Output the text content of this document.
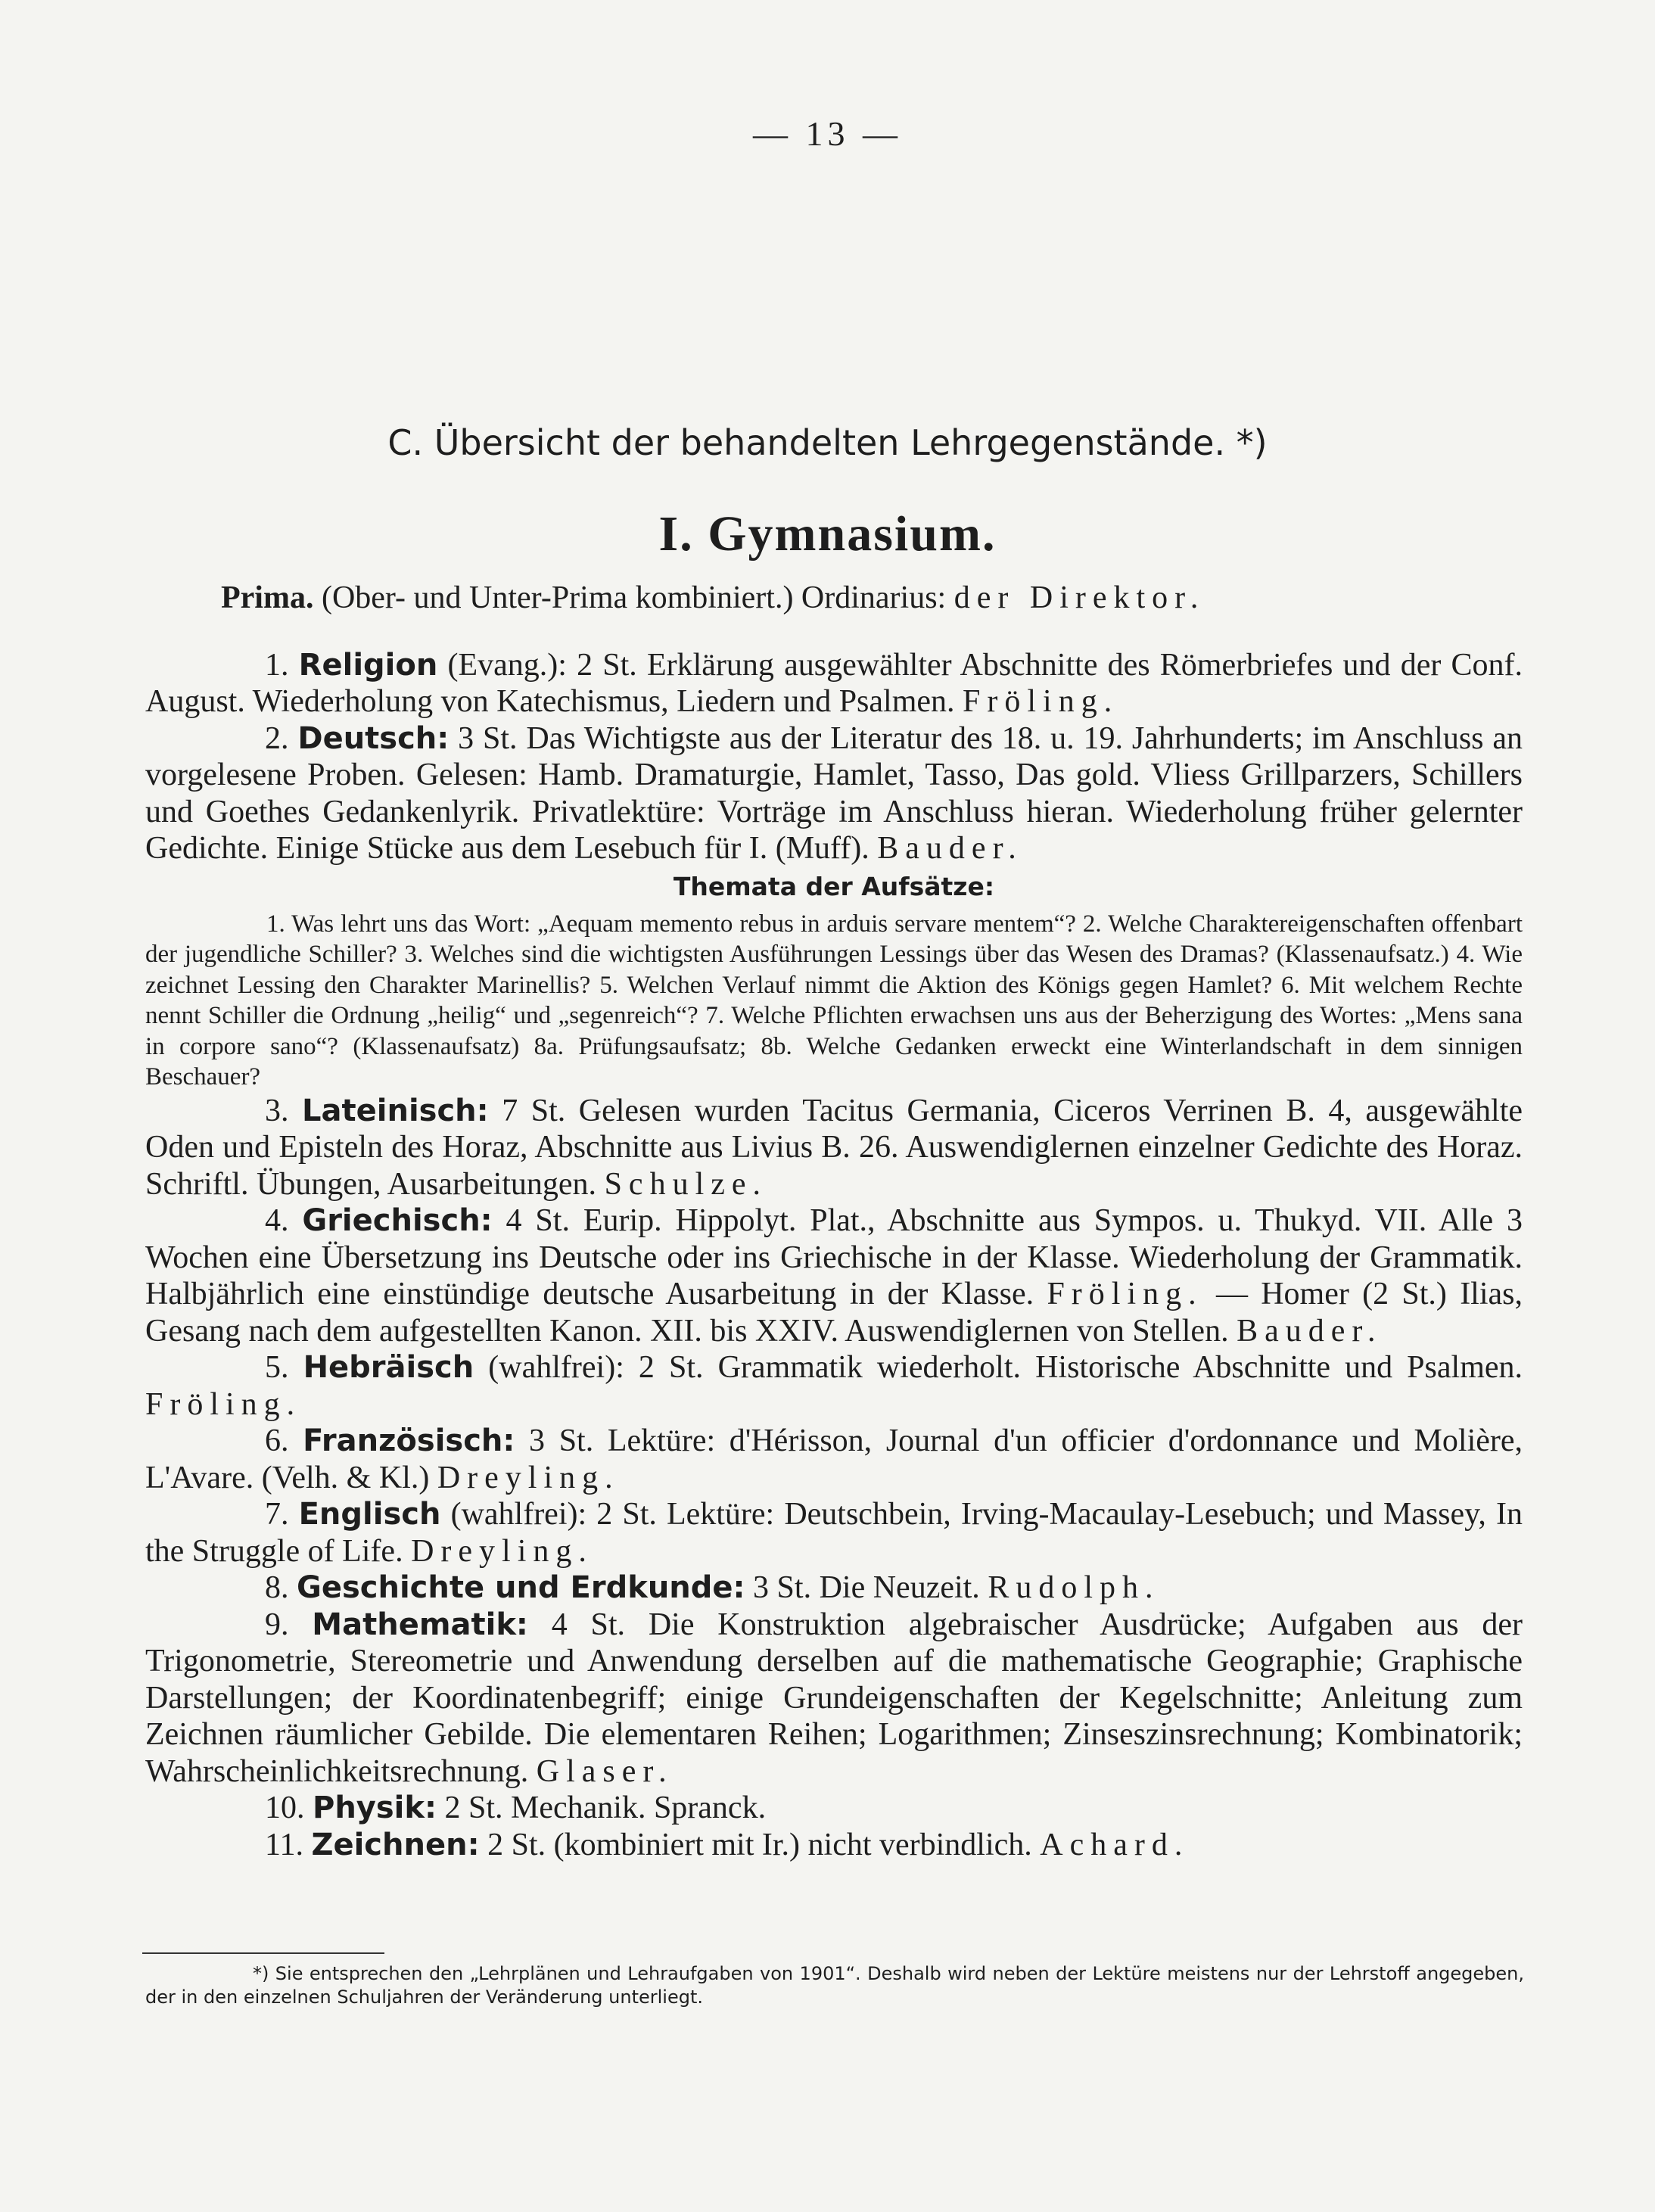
— 13 —
C. Übersicht der behandelten Lehrgegenstände. *)
I. Gymnasium.

Prima. (Ober- und Unter-Prima kombiniert.) Ordinarius: der Direktor.

1. Religion (Evang.): 2 St. Erklärung ausgewählter Abschnitte des Römerbriefes und der Conf. August. Wiederholung von Katechismus, Liedern und Psalmen. Fröling.

2. Deutsch: 3 St. Das Wichtigste aus der Literatur des 18. u. 19. Jahrhunderts; im Anschluss an vorgelesene Proben. Gelesen: Hamb. Dramaturgie, Hamlet, Tasso, Das gold. Vliess Grillparzers, Schillers und Goethes Gedankenlyrik. Privatlektüre: Vorträge im Anschluss hieran. Wiederholung früher gelernter Gedichte. Einige Stücke aus dem Lesebuch für I. (Muff). Bauder.

Themata der Aufsätze:

1. Was lehrt uns das Wort: „Aequam memento rebus in arduis servare mentem“? 2. Welche Charaktereigenschaften offenbart der jugendliche Schiller? 3. Welches sind die wichtigsten Ausführungen Lessings über das Wesen des Dramas? (Klassenaufsatz.) 4. Wie zeichnet Lessing den Charakter Marinellis? 5. Welchen Verlauf nimmt die Aktion des Königs gegen Hamlet? 6. Mit welchem Rechte nennt Schiller die Ordnung „heilig“ und „segenreich“? 7. Welche Pflichten erwachsen uns aus der Beherzigung des Wortes: „Mens sana in corpore sano“? (Klassenaufsatz) 8a. Prüfungsaufsatz; 8b. Welche Gedanken erweckt eine Winterlandschaft in dem sinnigen Beschauer?

3. Lateinisch: 7 St. Gelesen wurden Tacitus Germania, Ciceros Verrinen B. 4, ausgewählte Oden und Episteln des Horaz, Abschnitte aus Livius B. 26. Auswendiglernen einzelner Gedichte des Horaz. Schriftl. Übungen, Ausarbeitungen. Schulze.

4. Griechisch: 4 St. Eurip. Hippolyt. Plat., Abschnitte aus Sympos. u. Thukyd. VII. Alle 3 Wochen eine Übersetzung ins Deutsche oder ins Griechische in der Klasse. Wiederholung der Grammatik. Halbjährlich eine einstündige deutsche Ausarbeitung in der Klasse. Fröling. — Homer (2 St.) Ilias, Gesang nach dem aufgestellten Kanon. XII. bis XXIV. Auswendiglernen von Stellen. Bauder.

5. Hebräisch (wahlfrei): 2 St. Grammatik wiederholt. Historische Abschnitte und Psalmen. Fröling.

6. Französisch: 3 St. Lektüre: d'Hérisson, Journal d'un officier d'ordonnance und Molière, L'Avare. (Velh. & Kl.) Dreyling.

7. Englisch (wahlfrei): 2 St. Lektüre: Deutschbein, Irving-Macaulay-Lesebuch; und Massey, In the Struggle of Life. Dreyling.

8. Geschichte und Erdkunde: 3 St. Die Neuzeit. Rudolph.

9. Mathematik: 4 St. Die Konstruktion algebraischer Ausdrücke; Aufgaben aus der Trigonometrie, Stereometrie und Anwendung derselben auf die mathematische Geographie; Graphische Darstellungen; der Koordinatenbegriff; einige Grundeigenschaften der Kegelschnitte; Anleitung zum Zeichnen räumlicher Gebilde. Die elementaren Reihen; Logarithmen; Zinseszinsrechnung; Kombinatorik; Wahrscheinlichkeitsrechnung. Glaser.

10. Physik: 2 St. Mechanik. Spranck.

11. Zeichnen: 2 St. (kombiniert mit Ir.) nicht verbindlich. Achard.

*) Sie entsprechen den „Lehrplänen und Lehraufgaben von 1901“. Deshalb wird neben der Lektüre meistens nur der Lehrstoff angegeben, der in den einzelnen Schuljahren der Veränderung unterliegt.
